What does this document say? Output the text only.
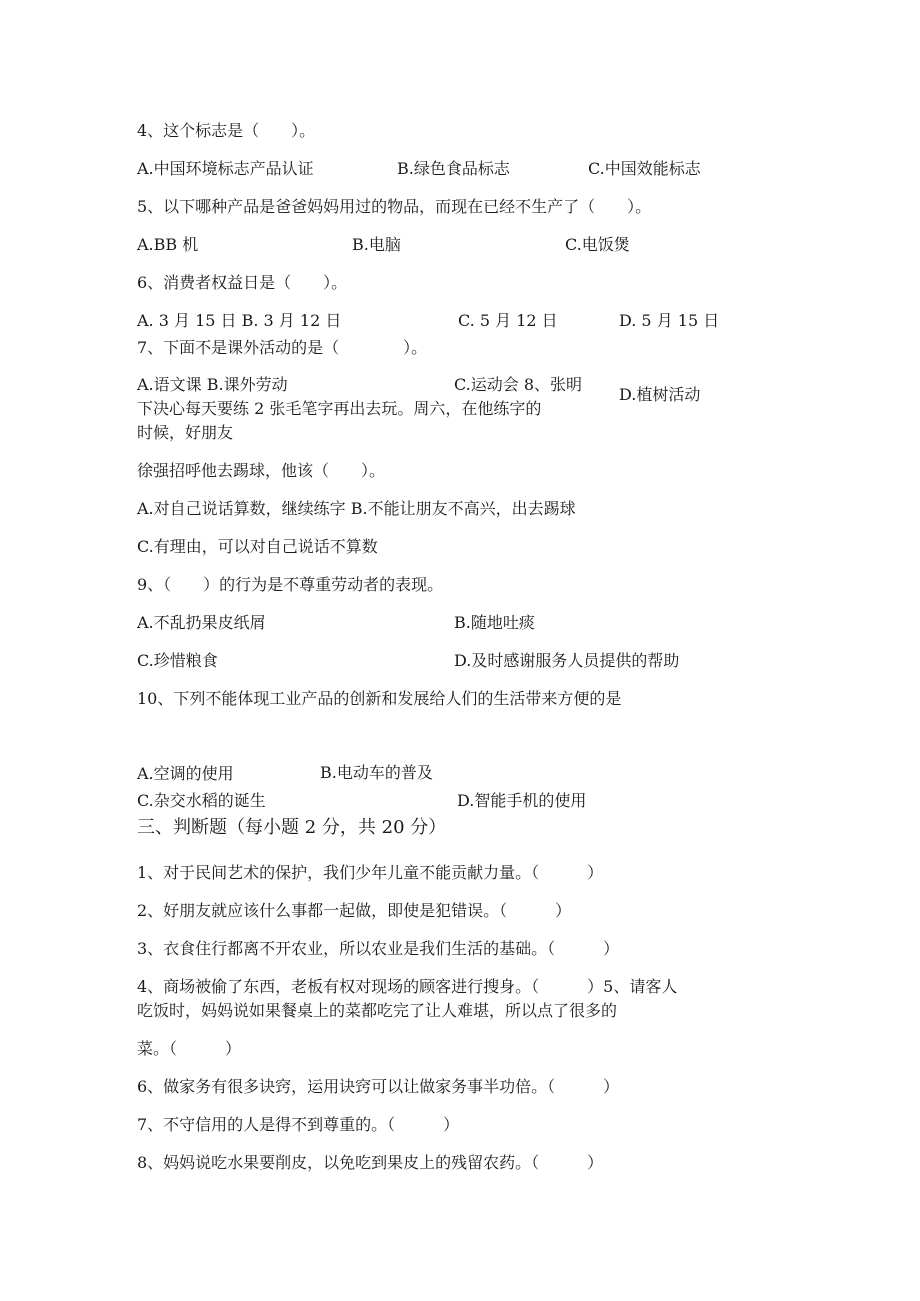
4、这个标志是（　　）。
A.中国环境标志产品认证	B.绿色食品标志	C.中国效能标志
5、以下哪种产品是爸爸妈妈用过的物品，而现在已经不生产了（　　）。
A.BB 机	B.电脑	C.电饭煲
6、消费者权益日是（　　）。
A. 3 月 15 日 B. 3 月 12 日	C. 5 月 12 日	D. 5 月 15 日
7、下面不是课外活动的是（　　　　）。
A.语文课 B.课外劳动	C.运动会 8、张明
D.植树活动
下决心每天要练 2 张毛笔字再出去玩。周六，在他练字的
时候，好朋友
徐强招呼他去踢球，他该（　　）。
A.对自己说话算数，继续练字 B.不能让朋友不高兴，出去踢球
C.有理由，可以对自己说话不算数
9、（　　）的行为是不尊重劳动者的表现。
A.不乱扔果皮纸屑	B.随地吐痰
C.珍惜粮食	D.及时感谢服务人员提供的帮助
10、下列不能体现工业产品的创新和发展给人们的生活带来方便的是
A.空调的使用	B.电动车的普及
C.杂交水稻的诞生	D.智能手机的使用
三、判断题（每小题 2 分，共 20 分）
1、对于民间艺术的保护，我们少年儿童不能贡献力量。（　　　）
2、好朋友就应该什么事都一起做，即使是犯错误。（　　　）
3、衣食住行都离不开农业，所以农业是我们生活的基础。（　　　）
4、商场被偷了东西，老板有权对现场的顾客进行搜身。（　　　）5、请客人
吃饭时，妈妈说如果餐桌上的菜都吃完了让人难堪，所以点了很多的
菜。（　　　）
6、做家务有很多诀窍，运用诀窍可以让做家务事半功倍。（　　　）
7、不守信用的人是得不到尊重的。（　　　）
8、妈妈说吃水果要削皮，以免吃到果皮上的残留农药。（　　　）
